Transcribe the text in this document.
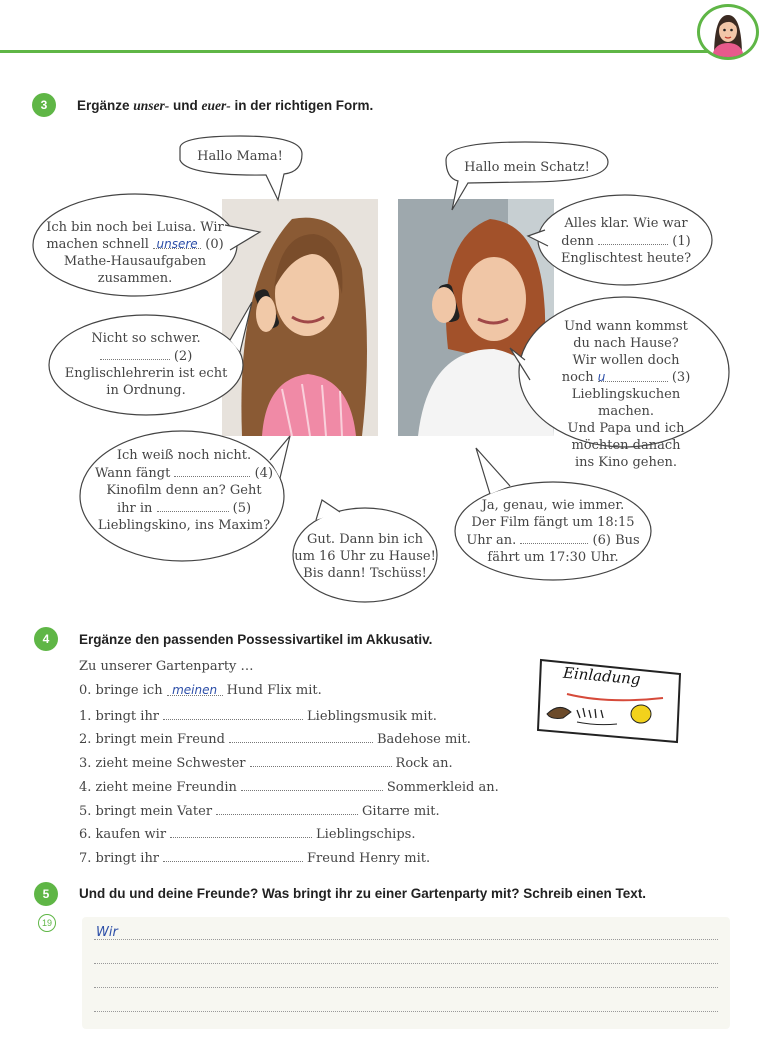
3	Ergänze unser- und euer- in der richtigen Form.
Hallo Mama!
Hallo mein Schatz!
Ich bin noch bei Luisa. Wir
machen schnell unsere (0)
Mathe-Hausaufgaben
zusammen.
Alles klar. Wie war
denn	(1)
Englischtest heute?
Nicht so schwer.
(2)
Englischlehrerin ist echt
in Ordnung.
Und wann kommst
du nach Hause?
Wir wollen doch
noch u	(3)
Lieblingskuchen machen.
Und Papa und ich
möchten danach
ins Kino gehen.
Ich weiß noch nicht.
Wann fängt	(4)
Kinofilm denn an? Geht
ihr in	(5)
Lieblingskino, ins Maxim?
Ja, genau, wie immer.
Der Film fängt um 18:15
Uhr an.	(6) Bus
fährt um 17:30 Uhr.
Gut. Dann bin ich
um 16 Uhr zu Hause!
Bis dann! Tschüss!
4	Ergänze den passenden Possessivartikel im Akkusativ.
Zu unserer Gartenparty …
0. bringe ich meinen Hund Flix mit.
1. bringt ihr	Lieblingsmusik mit.
2. bringt mein Freund	Badehose mit.
3. zieht meine Schwester	Rock an.
4. zieht meine Freundin	Sommerkleid an.
5. bringt mein Vater	Gitarre mit.
6. kaufen wir	Lieblingschips.
7. bringt ihr	Freund Henry mit.
Einladung
5	Und du und deine Freunde? Was bringt ihr zu einer Gartenparty mit? Schreib einen Text.
19
Wir
